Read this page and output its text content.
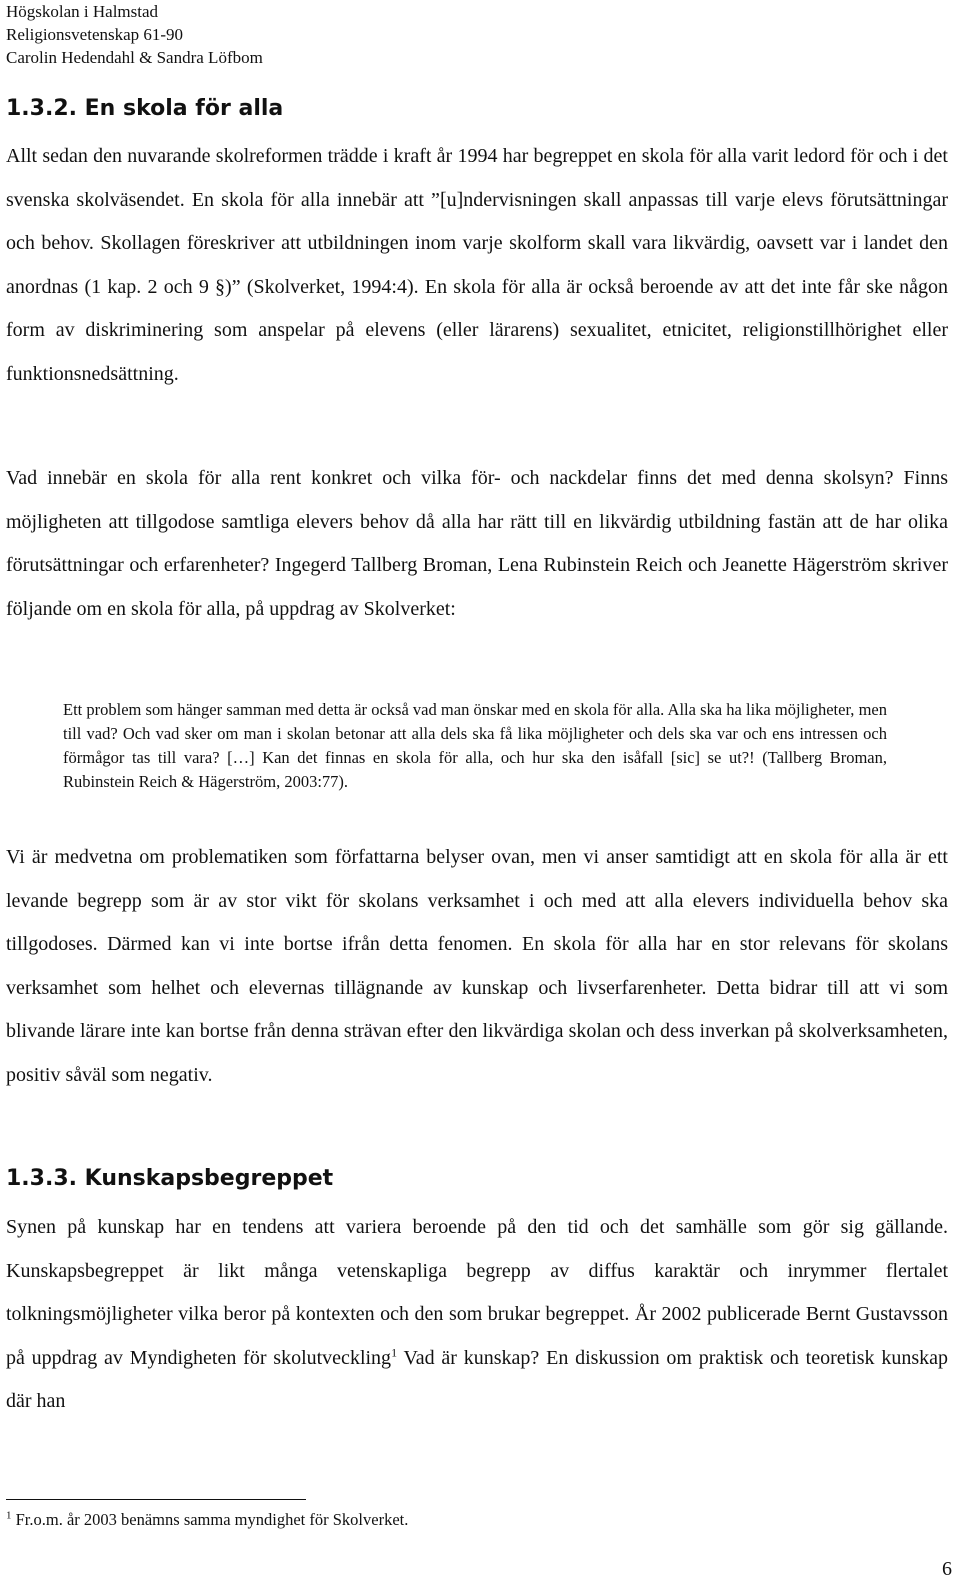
Högskolan i Halmstad
Religionsvetenskap 61-90
Carolin Hedendahl & Sandra Löfbom
1.3.2. En skola för alla

Allt sedan den nuvarande skolreformen trädde i kraft år 1994 har begreppet en skola för alla varit ledord för och i det svenska skolväsendet. En skola för alla innebär att ”[u]ndervisningen skall anpassas till varje elevs förutsättningar och behov. Skollagen föreskriver att utbildningen inom varje skolform skall vara likvärdig, oavsett var i landet den anordnas (1 kap. 2 och 9 §)” (Skolverket, 1994:4). En skola för alla är också beroende av att det inte får ske någon form av diskriminering som anspelar på elevens (eller lärarens) sexualitet, etnicitet, religionstillhörighet eller funktionsnedsättning.

Vad innebär en skola för alla rent konkret och vilka för- och nackdelar finns det med denna skolsyn? Finns möjligheten att tillgodose samtliga elevers behov då alla har rätt till en likvärdig utbildning fastän att de har olika förutsättningar och erfarenheter? Ingegerd Tallberg Broman, Lena Rubinstein Reich och Jeanette Hägerström skriver följande om en skola för alla, på uppdrag av Skolverket:

Ett problem som hänger samman med detta är också vad man önskar med en skola för alla. Alla ska ha lika möjligheter, men till vad? Och vad sker om man i skolan betonar att alla dels ska få lika möjligheter och dels ska var och ens intressen och förmågor tas till vara? […] Kan det finnas en skola för alla, och hur ska den isåfall [sic] se ut?! (Tallberg Broman, Rubinstein Reich & Hägerström, 2003:77).

Vi är medvetna om problematiken som författarna belyser ovan, men vi anser samtidigt att en skola för alla är ett levande begrepp som är av stor vikt för skolans verksamhet i och med att alla elevers individuella behov ska tillgodoses. Därmed kan vi inte bortse ifrån detta fenomen. En skola för alla har en stor relevans för skolans verksamhet som helhet och elevernas tillägnande av kunskap och livserfarenheter. Detta bidrar till att vi som blivande lärare inte kan bortse från denna strävan efter den likvärdiga skolan och dess inverkan på skolverksamheten, positiv såväl som negativ.

1.3.3. Kunskapsbegreppet

Synen på kunskap har en tendens att variera beroende på den tid och det samhälle som gör sig gällande. Kunskapsbegreppet är likt många vetenskapliga begrepp av diffus karaktär och inrymmer flertalet tolkningsmöjligheter vilka beror på kontexten och den som brukar begreppet. År 2002 publicerade Bernt Gustavsson på uppdrag av Myndigheten för skolutveckling$^1$ Vad är kunskap? En diskussion om praktisk och teoretisk kunskap där han

$^1$ Fr.o.m. år 2003 benämns samma myndighet för Skolverket.
6
